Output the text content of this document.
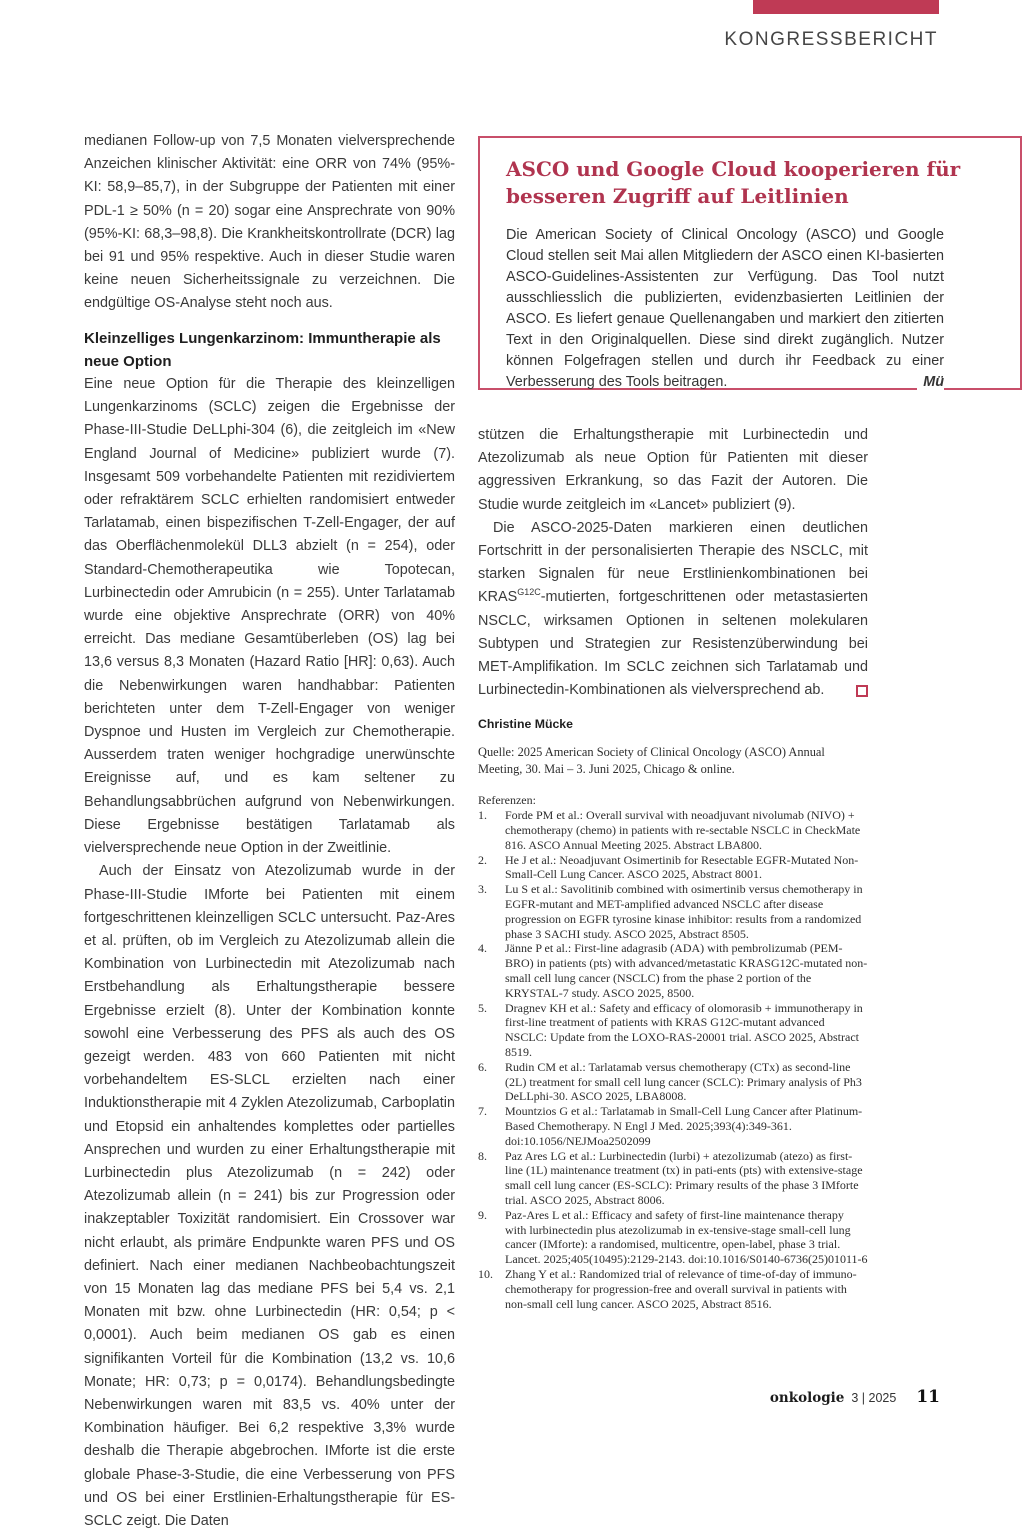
KONGRESSBERICHT

medianen Follow-up von 7,5 Monaten vielversprechende Anzeichen klinischer Aktivität: eine ORR von 74% (95%-KI: 58,9–85,7), in der Subgruppe der Patienten mit einer PDL-1 ≥ 50% (n = 20) sogar eine Ansprechrate von 90% (95%-KI: 68,3–98,8). Die Krankheitskontrollrate (DCR) lag bei 91 und 95% respektive. Auch in dieser Studie waren keine neuen Sicherheitssignale zu verzeichnen. Die endgültige OS-Analyse steht noch aus.

Kleinzelliges Lungenkarzinom: Immuntherapie als neue Option

Eine neue Option für die Therapie des kleinzelligen Lungenkarzinoms (SCLC) zeigen die Ergebnisse der Phase-III-Studie DeLLphi-304 (6), die zeitgleich im «New England Journal of Medicine» publiziert wurde (7). Insgesamt 509 vorbehandelte Patienten mit rezidiviertem oder refraktärem SCLC erhielten randomisiert entweder Tarlatamab, einen bispezifischen T-Zell-Engager, der auf das Oberflächenmolekül DLL3 abzielt (n = 254), oder Standard-Chemotherapeutika wie Topotecan, Lurbinectedin oder Amrubicin (n = 255). Unter Tarlatamab wurde eine objektive Ansprechrate (ORR) von 40% erreicht. Das mediane Gesamtüberleben (OS) lag bei 13,6 versus 8,3 Monaten (Hazard Ratio [HR]: 0,63). Auch die Nebenwirkungen waren handhabbar: Patienten berichteten unter dem T-Zell-Engager von weniger Dyspnoe und Husten im Vergleich zur Chemotherapie. Ausserdem traten weniger hochgradige unerwünschte Ereignisse auf, und es kam seltener zu Behandlungsabbrüchen aufgrund von Nebenwirkungen. Diese Ergebnisse bestätigen Tarlatamab als vielversprechende neue Option in der Zweitlinie.

Auch der Einsatz von Atezolizumab wurde in der Phase-III-Studie IMforte bei Patienten mit einem fortgeschrittenen kleinzelligen SCLC untersucht. Paz-Ares et al. prüften, ob im Vergleich zu Atezolizumab allein die Kombination von Lurbinectedin mit Atezolizumab nach Erstbehandlung als Erhaltungstherapie bessere Ergebnisse erzielt (8). Unter der Kombination konnte sowohl eine Verbesserung des PFS als auch des OS gezeigt werden. 483 von 660 Patienten mit nicht vorbehandeltem ES-SLCL erzielten nach einer Induktionstherapie mit 4 Zyklen Atezolizumab, Carboplatin und Etopsid ein anhaltendes komplettes oder partielles Ansprechen und wurden zu einer Erhaltungstherapie mit Lurbinectedin plus Atezolizumab (n = 242) oder Atezolizumab allein (n = 241) bis zur Progression oder inakzeptabler Toxizität randomisiert. Ein Crossover war nicht erlaubt, als primäre Endpunkte waren PFS und OS definiert. Nach einer medianen Nachbeobachtungszeit von 15 Monaten lag das mediane PFS bei 5,4 vs. 2,1 Monaten mit bzw. ohne Lurbinectedin (HR: 0,54; p < 0,0001). Auch beim medianen OS gab es einen signifikanten Vorteil für die Kombination (13,2 vs. 10,6 Monate; HR: 0,73; p = 0,0174). Behandlungsbedingte Nebenwirkungen waren mit 83,5 vs. 40% unter der Kombination häufiger. Bei 6,2 respektive 3,3% wurde deshalb die Therapie abgebrochen. IMforte ist die erste globale Phase-3-Studie, die eine Verbesserung von PFS und OS bei einer Erstlinien-Erhaltungstherapie für ES-SCLC zeigt. Die Daten

ASCO und Google Cloud kooperieren für besseren Zugriff auf Leitlinien

Die American Society of Clinical Oncology (ASCO) und Google Cloud stellen seit Mai allen Mitgliedern der ASCO einen KI-basierten ASCO-Guidelines-Assistenten zur Verfügung. Das Tool nutzt ausschliesslich die publizierten, evidenzbasierten Leitlinien der ASCO. Es liefert genaue Quellenangaben und markiert den zitierten Text in den Originalquellen. Diese sind direkt zugänglich. Nutzer können Folgefragen stellen und durch ihr Feedback zu einer Verbesserung des Tools beitragen.	Mü

stützen die Erhaltungstherapie mit Lurbinectedin und Atezolizumab als neue Option für Patienten mit dieser aggressiven Erkrankung, so das Fazit der Autoren. Die Studie wurde zeitgleich im «Lancet» publiziert (9).

Die ASCO-2025-Daten markieren einen deutlichen Fortschritt in der personalisierten Therapie des NSCLC, mit starken Signalen für neue Erstlinienkombinationen bei $KRAS^{G12C}$-mutierten, fortgeschrittenen oder metastasierten NSCLC, wirksamen Optionen in seltenen molekularen Subtypen und Strategien zur Resistenzüberwindung bei MET-Amplifikation. Im SCLC zeichnen sich Tarlatamab und Lurbinectedin-Kombinationen als vielversprechend ab.

Christine Mücke

Quelle: 2025 American Society of Clinical Oncology (ASCO) Annual Meeting, 30. Mai – 3. Juni 2025, Chicago & online.

Referenzen:

1. Forde PM et al.: Overall survival with neoadjuvant nivolumab (NIVO) + chemotherapy (chemo) in patients with re-sectable NSCLC in CheckMate 816. ASCO Annual Meeting 2025. Abstract LBA800.
2. He J et al.: Neoadjuvant Osimertinib for Resectable EGFR-Mutated Non-Small-Cell Lung Cancer. ASCO 2025, Abstract 8001.
3. Lu S et al.: Savolitinib combined with osimertinib versus chemotherapy in EGFR-mutant and MET-amplified advanced NSCLC after disease progression on EGFR tyrosine kinase inhibitor: results from a randomized phase 3 SACHI study. ASCO 2025, Abstract 8505.
4. Jänne P et al.: First-line adagrasib (ADA) with pembrolizumab (PEM-BRO) in patients (pts) with advanced/metastatic KRASG12C-mutated non-small cell lung cancer (NSCLC) from the phase 2 portion of the KRYSTAL-7 study. ASCO 2025, 8500.
5. Dragnev KH et al.: Safety and efficacy of olomorasib + immunotherapy in first-line treatment of patients with KRAS G12C-mutant advanced NSCLC: Update from the LOXO-RAS-20001 trial. ASCO 2025, Abstract 8519.
6. Rudin CM et al.: Tarlatamab versus chemotherapy (CTx) as second-line (2L) treatment for small cell lung cancer (SCLC): Primary analysis of Ph3 DeLLphi-30. ASCO 2025, LBA8008.
7. Mountzios G et al.: Tarlatamab in Small-Cell Lung Cancer after Platinum-Based Chemotherapy. N Engl J Med. 2025;393(4):349-361. doi:10.1056/NEJMoa2502099
8. Paz Ares LG et al.: Lurbinectedin (lurbi) + atezolizumab (atezo) as first-line (1L) maintenance treatment (tx) in pati-ents (pts) with extensive-stage small cell lung cancer (ES-SCLC): Primary results of the phase 3 IMforte trial. ASCO 2025, Abstract 8006.
9. Paz-Ares L et al.: Efficacy and safety of first-line maintenance therapy with lurbinectedin plus atezolizumab in ex-tensive-stage small-cell lung cancer (IMforte): a randomised, multicentre, open-label, phase 3 trial. Lancet. 2025;405(10495):2129-2143. doi:10.1016/S0140-6736(25)01011-6
10. Zhang Y et al.: Randomized trial of relevance of time-of-day of immuno-chemotherapy for progression-free and overall survival in patients with non-small cell lung cancer. ASCO 2025, Abstract 8516.
onkologie 3 | 2025 11
